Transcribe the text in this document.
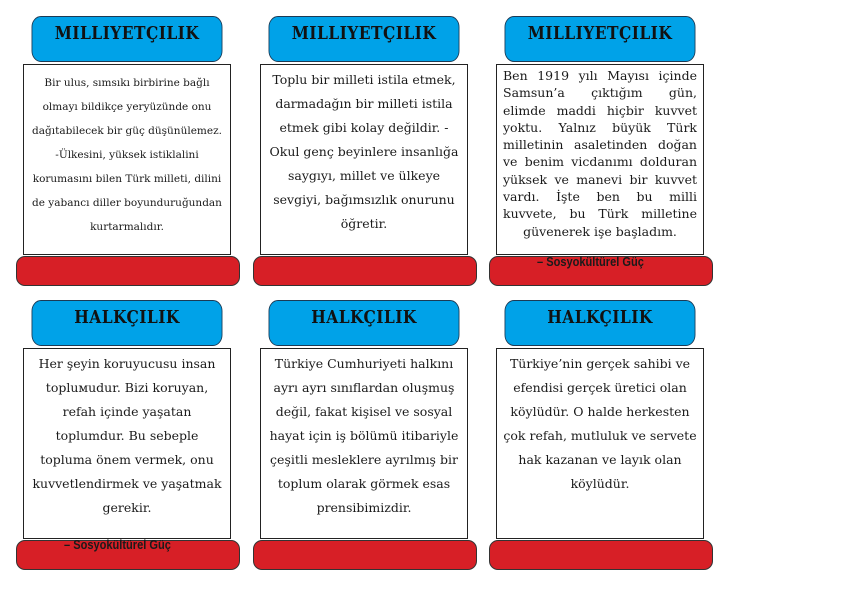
MILLIYETÇILIK

Bir ulus, sımsıkı birbirine bağlı olmayı bildikçe yeryüzünde onu dağıtabilecek bir güç düşünülemez. -Ülkesini, yüksek istiklalini korumasını bilen Türk milleti, dilini de yabancı diller boyunduruğundan kurtarmalıdır.

MILLIYETÇILIK

Toplu bir milleti istila etmek, darmadağın bir milleti istila etmek gibi kolay değildir. -Okul genç beyinlere insanlığa saygıyı, millet ve ülkeye sevgiyi, bağımsızlık onurunu öğretir.

MILLIYETÇILIK

Ben 1919 yılı Mayısı içinde Samsun’a çıktığım gün, elimde maddi hiçbir kuvvet yoktu. Yalnız büyük Türk milletinin asaletinden doğan ve benim vicdanımı dolduran yüksek ve manevi bir kuvvet vardı. İşte ben bu milli kuvvete, bu Türk milletine güvenerek işe başladım.

– Sosyokültürel Güç
HALKÇILIK

Her şeyin koruyucusu insan topluмudur. Bizi koruyan, refah içinde yaşatan toplumdur. Bu sebeple topluma önem vermek, onu kuvvetlendirmek ve yaşatmak gerekir.

– Sosyokültürel Güç
HALKÇILIK

Türkiye Cumhuriyeti halkını ayrı ayrı sınıflardan oluşmuş değil, fakat kişisel ve sosyal hayat için iş bölümü itibariyle çeşitli mesleklere ayrılmış bir toplum olarak görmek esas prensibimizdir.

HALKÇILIK

Türkiye’nin gerçek sahibi ve efendisi gerçek üretici olan köylüdür. O halde herkesten çok refah, mutluluk ve servete hak kazanan ve layık olan köylüdür.
